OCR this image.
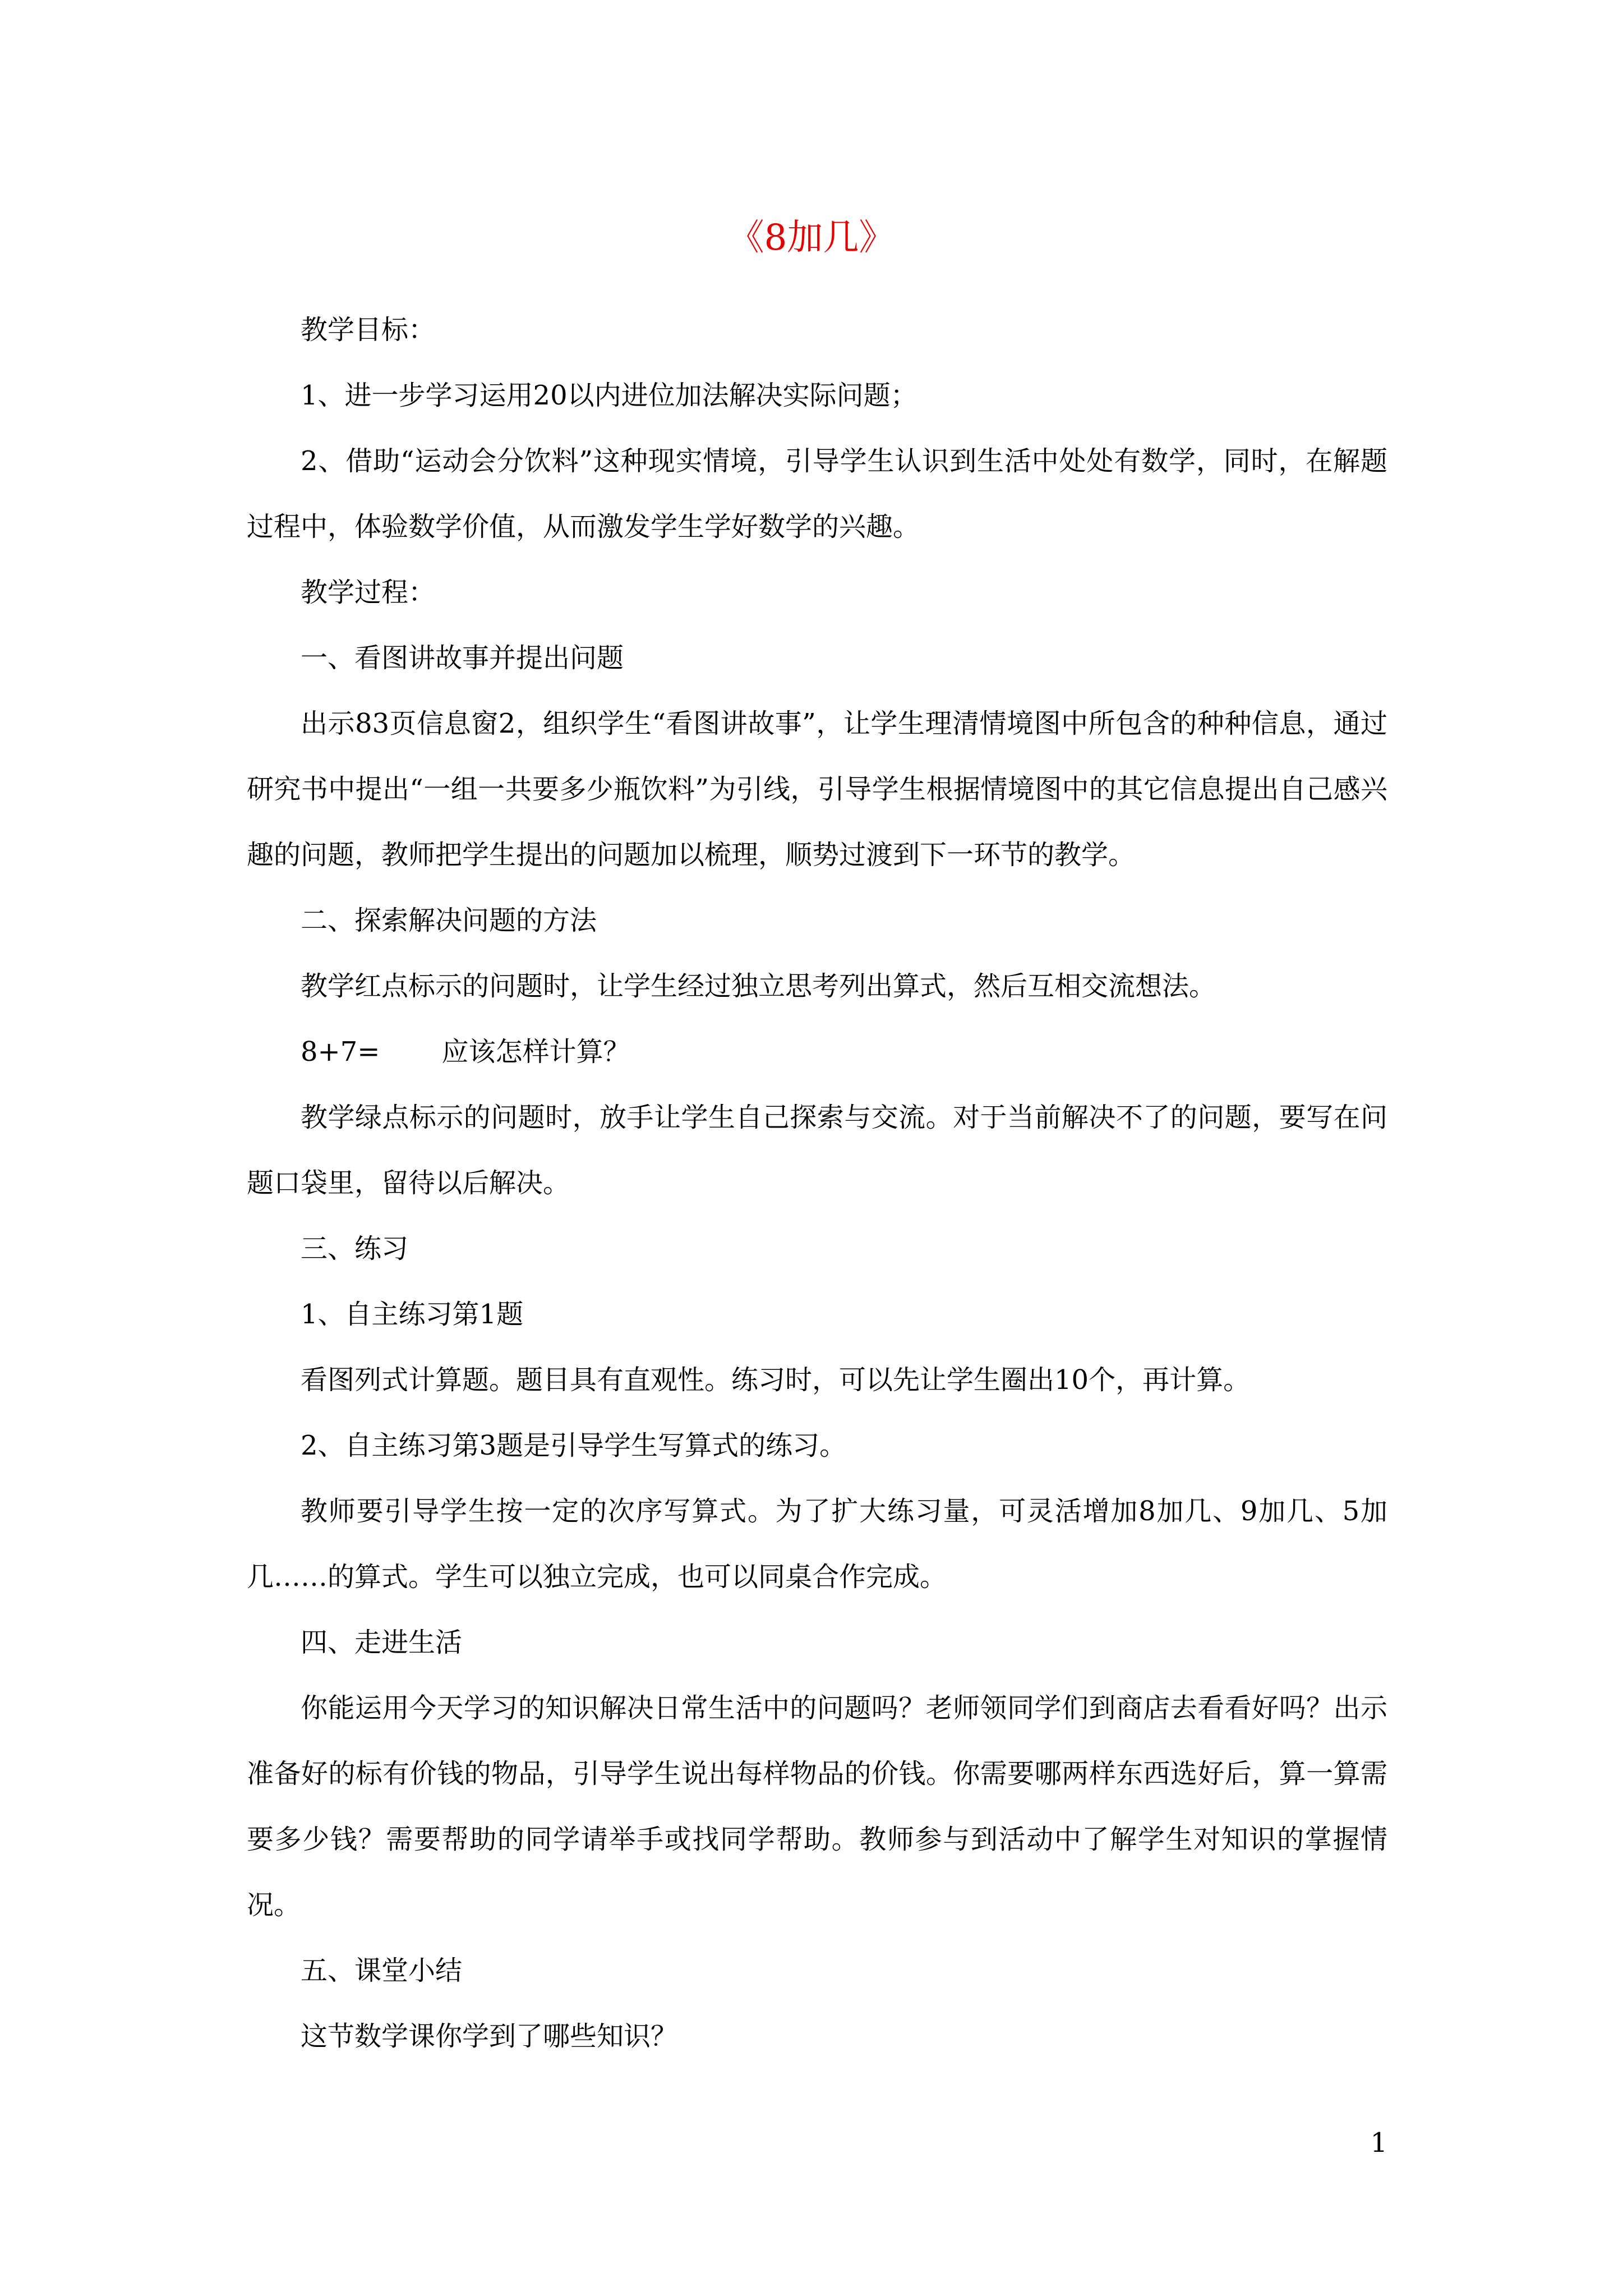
《8加几》

教学目标：

1、进一步学习运用20以内进位加法解决实际问题；

2、借助“运动会分饮料”这种现实情境，引导学生认识到生活中处处有数学，同时，在解题过程中，体验数学价值，从而激发学生学好数学的兴趣。

教学过程：

一、看图讲故事并提出问题

出示83页信息窗2，组织学生“看图讲故事”，让学生理清情境图中所包含的种种信息，通过研究书中提出“一组一共要多少瓶饮料”为引线，引导学生根据情境图中的其它信息提出自己感兴趣的问题，教师把学生提出的问题加以梳理，顺势过渡到下一环节的教学。

二、探索解决问题的方法

教学红点标示的问题时，让学生经过独立思考列出算式，然后互相交流想法。

8+7= 应该怎样计算？

教学绿点标示的问题时，放手让学生自己探索与交流。对于当前解决不了的问题，要写在问题口袋里，留待以后解决。

三、练习

1、自主练习第1题

看图列式计算题。题目具有直观性。练习时，可以先让学生圈出10个，再计算。

2、自主练习第3题是引导学生写算式的练习。

教师要引导学生按一定的次序写算式。为了扩大练习量，可灵活增加8加几、9加几、5加几……的算式。学生可以独立完成，也可以同桌合作完成。

四、走进生活

你能运用今天学习的知识解决日常生活中的问题吗？老师领同学们到商店去看看好吗？出示准备好的标有价钱的物品，引导学生说出每样物品的价钱。你需要哪两样东西选好后，算一算需要多少钱？需要帮助的同学请举手或找同学帮助。教师参与到活动中了解学生对知识的掌握情况。

五、课堂小结

这节数学课你学到了哪些知识？

1
